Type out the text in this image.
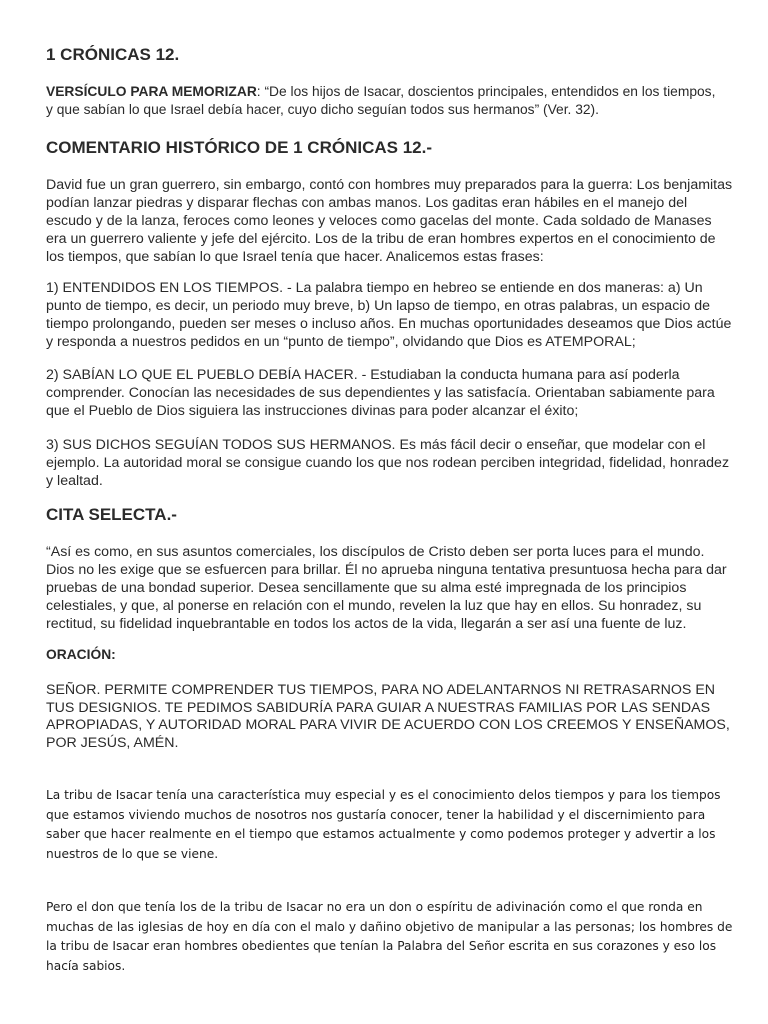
1 CRÓNICAS 12.

VERSÍCULO PARA MEMORIZAR: “De los hijos de Isacar, doscientos principales, entendidos en los tiempos, y que sabían lo que Israel debía hacer, cuyo dicho seguían todos sus hermanos” (Ver. 32).

COMENTARIO HISTÓRICO DE 1 CRÓNICAS 12.-

David fue un gran guerrero, sin embargo, contó con hombres muy preparados para la guerra: Los benjamitas podían lanzar piedras y disparar flechas con ambas manos. Los gaditas eran hábiles en el manejo del escudo y de la lanza, feroces como leones y veloces como gacelas del monte. Cada soldado de Manases era un guerrero valiente y jefe del ejército. Los de la tribu de eran hombres expertos en el conocimiento de los tiempos, que sabían lo que Israel tenía que hacer. Analicemos estas frases:

1) ENTENDIDOS EN LOS TIEMPOS. - La palabra tiempo en hebreo se entiende en dos maneras: a) Un punto de tiempo, es decir, un periodo muy breve, b) Un lapso de tiempo, en otras palabras, un espacio de tiempo prolongando, pueden ser meses o incluso años. En muchas oportunidades deseamos que Dios actúe y responda a nuestros pedidos en un “punto de tiempo”, olvidando que Dios es ATEMPORAL;

2) SABÍAN LO QUE EL PUEBLO DEBÍA HACER. - Estudiaban la conducta humana para así poderla comprender. Conocían las necesidades de sus dependientes y las satisfacía. Orientaban sabiamente para que el Pueblo de Dios siguiera las instrucciones divinas para poder alcanzar el éxito;

3) SUS DICHOS SEGUÍAN TODOS SUS HERMANOS. Es más fácil decir o enseñar, que modelar con el ejemplo. La autoridad moral se consigue cuando los que nos rodean perciben integridad, fidelidad, honradez y lealtad.

CITA SELECTA.-

“Así es como, en sus asuntos comerciales, los discípulos de Cristo deben ser porta luces para el mundo. Dios no les exige que se esfuercen para brillar. Él no aprueba ninguna tentativa presuntuosa hecha para dar pruebas de una bondad superior. Desea sencillamente que su alma esté impregnada de los principios celestiales, y que, al ponerse en relación con el mundo, revelen la luz que hay en ellos. Su honradez, su rectitud, su fidelidad inquebrantable en todos los actos de la vida, llegarán a ser así una fuente de luz.

ORACIÓN:

SEÑOR. PERMITE COMPRENDER TUS TIEMPOS, PARA NO ADELANTARNOS NI RETRASARNOS EN TUS DESIGNIOS. TE PEDIMOS SABIDURÍA PARA GUIAR A NUESTRAS FAMILIAS POR LAS SENDAS APROPIADAS, Y AUTORIDAD MORAL PARA VIVIR DE ACUERDO CON LOS CREEMOS Y ENSEÑAMOS, POR JESÚS, AMÉN.

La tribu de Isacar tenía una característica muy especial y es el conocimiento delos tiempos y para los tiempos que estamos viviendo muchos de nosotros nos gustaría conocer, tener la habilidad y el discernimiento para saber que hacer realmente en el tiempo que estamos actualmente y como podemos proteger y advertir a los nuestros de lo que se viene.

Pero el don que tenía los de la tribu de Isacar no era un don o espíritu de adivinación como el que ronda en muchas de las iglesias de hoy en día con el malo y dañino objetivo de manipular a las personas; los hombres de la tribu de Isacar eran hombres obedientes que tenían la Palabra del Señor escrita en sus corazones y eso los hacía sabios.
